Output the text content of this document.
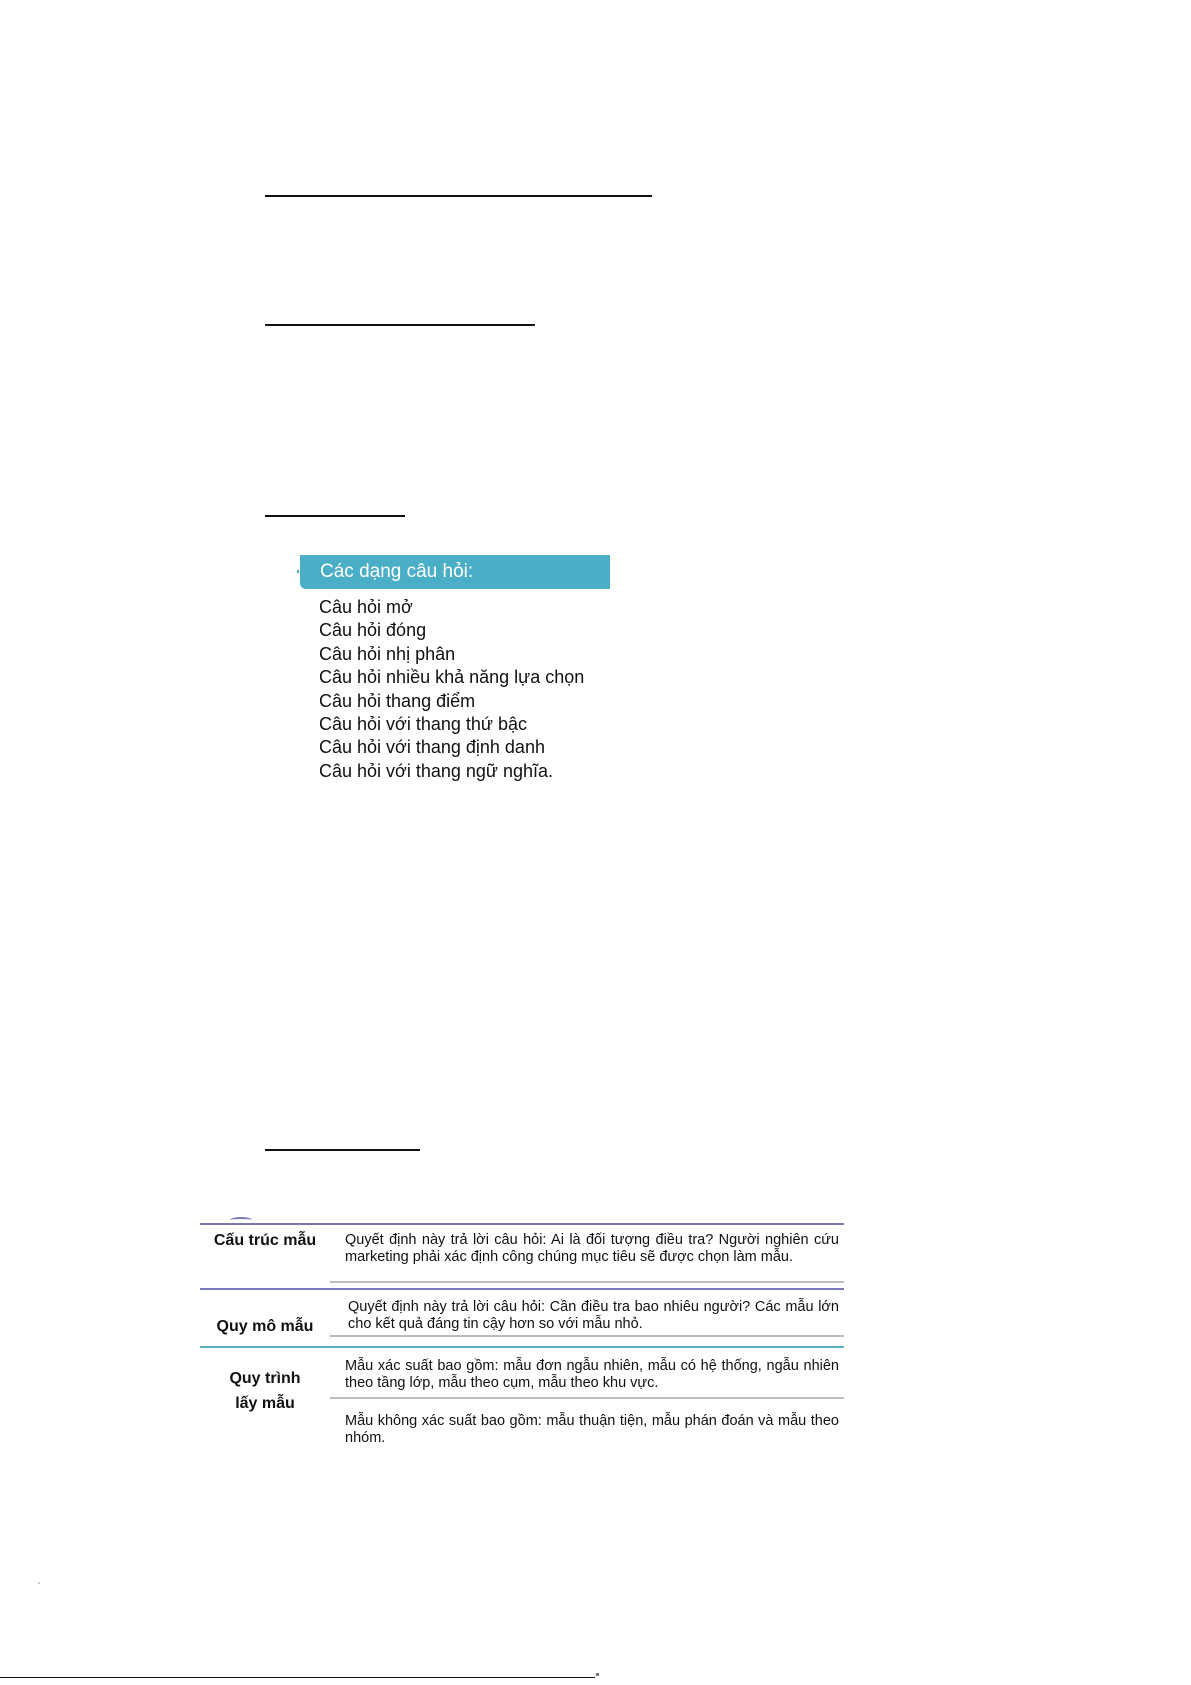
Các dạng câu hỏi:
Câu hỏi mở
Câu hỏi đóng
Câu hỏi nhị phân
Câu hỏi nhiều khả năng lựa chọn
Câu hỏi thang điểm
Câu hỏi với thang thứ bậc
Câu hỏi với thang định danh
Câu hỏi với thang ngữ nghĩa.
Cấu trúc mẫu	Quyết định này trả lời câu hỏi: Ai là đối tượng điều tra? Người nghiên cứu marketing phải xác định công chúng mục tiêu sẽ được chọn làm mẫu.
Quy mô mẫu
Quyết định này trả lời câu hỏi: Cần điều tra bao nhiêu người? Các mẫu lớn cho kết quả đáng tin cậy hơn so với mẫu nhỏ.
Quy trình
lấy mẫu
Mẫu xác suất bao gồm: mẫu đơn ngẫu nhiên, mẫu có hệ thống, ngẫu nhiên theo tầng lớp, mẫu theo cụm, mẫu theo khu vực.
Mẫu không xác suất bao gồm: mẫu thuận tiện, mẫu phán đoán và mẫu theo nhóm.
